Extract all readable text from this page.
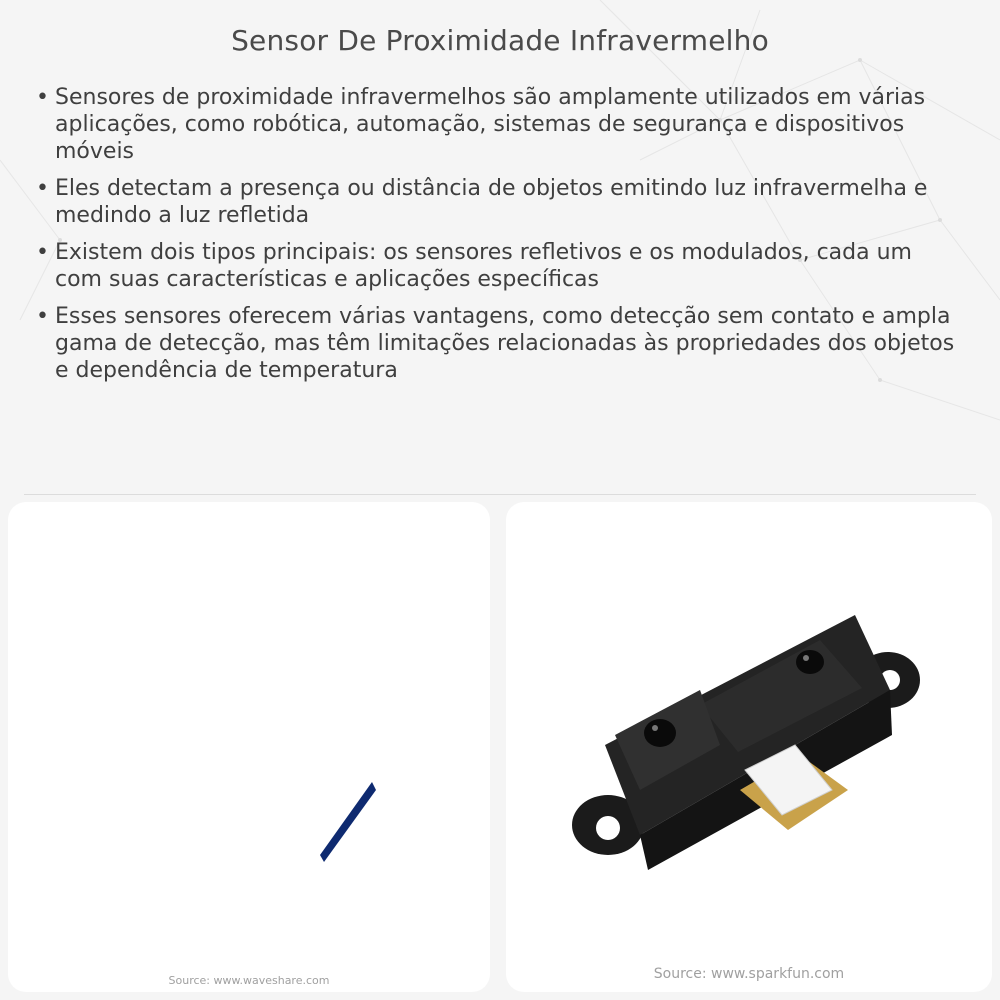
Sensor De Proximidade Infravermelho
• Sensores de proximidade infravermelhos são amplamente utilizados em várias aplicações, como robótica, automação, sistemas de segurança e dispositivos móveis
• Eles detectam a presença ou distância de objetos emitindo luz infravermelha e medindo a luz refletida
• Existem dois tipos principais: os sensores refletivos e os modulados, cada um com suas características e aplicações específicas
• Esses sensores oferecem várias vantagens, como detecção sem contato e ampla gama de detecção, mas têm limitações relacionadas às propriedades dos objetos e dependência de temperatura
Source: www.waveshare.com	Source: www.sparkfun.com
